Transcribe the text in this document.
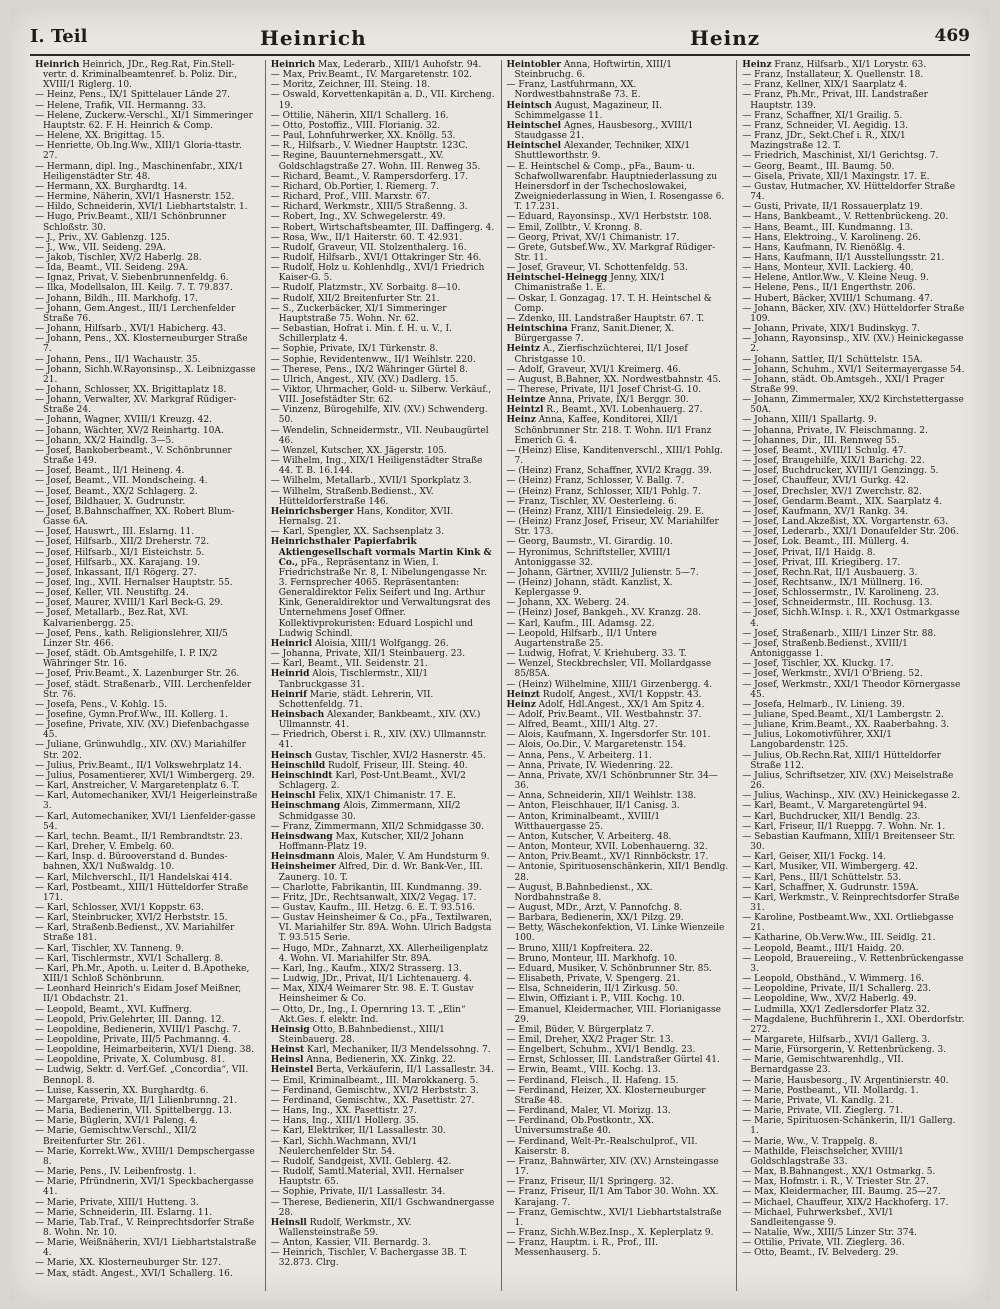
I. Teil	Heinrich	Heinz	469
Heinrich Heinrich, JDr., Reg.Rat, Fin.Stell-vertr. d. Kriminalbeamtenref. b. Poliz. Dir., XVIII/1 Riglerg. 10.
— Heinz, Pens., IX/1 Spittelauer Lände 27.
— Helene, Trafik, VII. Hermanng. 33.
— Helene, Zuckerw.-Verschl., XI/1 Simmeringer Hauptstr. 62. F. H. Heinrich & Comp.
— Helene, XX. Brigittag. 15.
— Henriette, Ob.Ing.Ww., XIII/1 Gloria-ttastr. 27.
— Hermann, dipl. Ing., Maschinenfabr., XIX/1 Heiligenstädter Str. 48.
— Hermann, XX. Burghardtg. 14.
— Hermine, Näherin, XVI/1 Hasnerstr. 152.
— Hildo, Schneiderin, XVI/1 Liebhartstalstr. 1.
— Hugo, Priv.Beamt., XII/1 Schönbrunner Schloßstr. 30.
— J., Priv., XV. Gablenzg. 125.
— J., Ww., VII. Seideng. 29A.
— Jakob, Tischler, XV/2 Haberlg. 28.
— Ida, Beamt., VII. Seideng. 29A.
— Ignaz, Privat, V. Siebenbrunnenfeldg. 6.
— Ilka, Modellsalon, III. Keilg. 7. T. 79.837.
— Johann, Bildh., III. Markhofg. 17.
— Johann, Gem.Angest., III/1 Lerchenfelder Straße 76.
— Johann, Hilfsarb., XVI/1 Habicherg. 43.
— Johann, Pens., XX. Klosterneuburger Straße 7.
— Johann, Pens., II/1 Wachaustr. 35.
— Johann, Sichh.W.Rayonsinsp., X. Leibnizgasse 21.
— Johann, Schlosser, XX. Brigittaplatz 18.
— Johann, Verwalter, XV. Markgraf Rüdiger-Straße 24.
— Johann, Wagner, XVIII/1 Kreuzg. 42.
— Johann, Wächter, XV/2 Reinhartg. 10A.
— Johann, XX/2 Haindlg. 3—5.
— Josef, Bankoberbeamt., V. Schönbrunner Straße 149.
— Josef, Beamt., II/1 Heineng. 4.
— Josef, Beamt., VII. Mondscheing. 4.
— Josef, Beamt., XX/2 Schlagerg. 2.
— Josef, Bildhauer, X. Gudrunstr.
— Josef, B.Bahnschaffner, XX. Robert Blum-Gasse 6A.
— Josef, Hauswrt., III. Eslarng. 11.
— Josef, Hilfsarb., XII/2 Dreherstr. 72.
— Josef, Hilfsarb., XI/1 Eisteichstr. 5.
— Josef, Hilfsarb., XX. Karajang. 19.
— Josef, Inkassant, II/1 Rögerg. 27.
— Josef, Ing., XVII. Hernalser Hauptstr. 55.
— Josef, Keller, VII. Neustiftg. 24.
— Josef, Maurer, XVIII/1 Karl Beck-G. 29.
— Josef, Metallarb., Bez.Rat, XVI. Kalvarienbergg. 25.
— Josef, Pens., kath. Religionslehrer, XII/5 Linzer Str. 466.
— Josef, städt. Ob.Amtsgehilfe, I. P. IX/2 Währinger Str. 16.
— Josef, Priv.Beamt., X. Lazenburger Str. 26.
— Josef, städt. Straßenarb., VIII. Lerchenfelder Str. 76.
— Josefa, Pens., V. Kohlg. 15.
— Josefine, Gymn.Prof.Ww., III. Kollerg. 1.
— Josefine, Private, XIV. (XV.) Diefenbachgasse 45.
— Juliane, Grünwuhdlg., XIV. (XV.) Mariahilfer Str. 202.
— Julius, Priv.Beamt., II/1 Volkswehrplatz 14.
— Julius, Posamentierer, XVI/1 Wimbergerg. 29.
— Karl, Anstreicher, V. Margaretenplatz 6. T.
— Karl, Automechaniker, XVI/1 Heigerleinstraße 3.
— Karl, Automechaniker, XVI/1 Lienfelder-gasse 54.
— Karl, techn. Beamt., II/1 Rembrandtstr. 23.
— Karl, Dreher, V. Embelg. 60.
— Karl, Insp. d. Bürooverstand d. Bundes-bahnen, XX/1 Nußwaldg. 10.
— Karl, Milchverschl., II/1 Handelskai 414.
— Karl, Postbeamt., XIII/1 Hütteldorfer Straße 171.
— Karl, Schlosser, XVI/1 Koppstr. 63.
— Karl, Steinbrucker, XVI/2 Herbststr. 15.
— Karl, Straßenb.Bedienst., XV. Mariahilfer Straße 181.
— Karl, Tischler, XV. Tanneng. 9.
— Karl, Tischlermstr., XVI/1 Schallerg. 8.
— Karl, Ph.Mr., Apoth. u. Leiter d. B.Apotheke, XIII/1 Schloß Schönbrunn.
— Leonhard Heinrich's Eidam Josef Meißner, II/1 Obdachstr. 21.
— Leopold, Beamt., XVI. Kuffnerg.
— Leopold, Priv.Gelehrter, III. Danng. 12.
— Leopoldine, Bedienerin, XVIII/1 Paschg. 7.
— Leopoldine, Private, III/5 Pachmanng. 4.
— Leopoldine, Heimarbeiterin, XVI/1 Dieng. 38.
— Leopoldine, Private, X. Columbusg. 81.
— Ludwig, Sektr. d. Verf.Gef. „Concordia“, VII. Bennopl. 8.
— Luise, Kasserin, XX. Burghardtg. 6.
— Margarete, Private, II/1 Lilienbrunng. 21.
— Maria, Bedienerin, VII. Spittelbergg. 13.
— Marie, Büglerin, XVI/1 Paleng. 4.
— Marie, Gemischtw.Verschl., XII/2 Breitenfurter Str. 261.
— Marie, Korrekt.Ww., XVIII/1 Dempschergasse 8.
— Marie, Pens., IV. Leibenfrostg. 1.
— Marie, Pfründnerin, XVI/1 Speckbachergasse 41.
— Marie, Private, XIII/1 Hutteng. 3.
— Marie, Schneiderin, III. Eslarng. 11.
— Marie, Tab.Traf., V. Reinprechtsdorfer Straße 8. Wohn. Nr. 10.
— Marie, Weißnäherin, XVI/1 Liebhartstalstraße 4.
— Marie, XX. Klosterneuburger Str. 127.
— Max, städt. Angest., XVI/1 Schallerg. 16.
Heinrich Max, Lederarb., XIII/1 Auhofstr. 94.
— Max, Priv.Beamt., IV. Margaretenstr. 102.
— Moritz, Zeichner, III. Steing. 18.
— Oswald, Korvettenkapitän a. D., VII. Kircheng. 19.
— Ottilie, Näherin, XII/1 Schallerg. 16.
— Otto, Postoffiz., VIII. Florianig. 32.
— Paul, Lohnfuhrwerker, XX. Knöllg. 53.
— R., Hilfsarb., V. Wiedner Hauptstr. 123C.
— Regine, Bauunternehmersgatt., XV. Goldschlagstraße 27. Wohn. III. Renweg 35.
— Richard, Beamt., V. Rampersdorferg. 17.
— Richard, Ob.Portier, I. Riemerg. 7.
— Richard, Prof., VIII. Marxstr. 67.
— Richard, Werkmstr., XIII/5 Straßenng. 3.
— Robert, Ing., XV. Schwegelerstr. 49.
— Robert, Wirtschaftsbeamter, III. Daffingerg. 4.
— Rosa, Ww., II/1 Haiterstr. 60. T. 42.931.
— Rudolf, Graveur, VII. Stolzenthalerg. 16.
— Rudolf, Hilfsarb., XVI/1 Ottakringer Str. 46.
— Rudolf, Holz u. Kohlenhdlg., XVI/1 Friedrich Kaiser-G. 5.
— Rudolf, Platzmstr., XV. Sorbaitg. 8—10.
— Rudolf, XII/2 Breitenfurter Str. 21.
— S., Zuckerbäcker, XI/1 Simmeringer Hauptstraße 75. Wohn. Nr. 62.
— Sebastian, Hofrat i. Min. f. H. u. V., I. Schillerplatz 4.
— Sophie, Private, IX/1 Türkenstr. 8.
— Sophie, Revidentenww., II/1 Weihlstr. 220.
— Therese, Pens., IX/2 Währinger Gürtel 8.
— Ulrich, Angest., XIV. (XV.) Dadlerg. 15.
— Viktor, Uhrmacher, Gold- u. Silberw. Verkäuf., VIII. Josefstädter Str. 62.
— Vinzenz, Bürogehilfe, XIV. (XV.) Schwenderg. 50.
— Wendelin, Schneidermstr., VII. Neubaugürtel 46.
— Wenzel, Kutscher, XX. Jägerstr. 105.
— Wilhelm, Ing., XIX/1 Heiligenstädter Straße 44. T. B. 16.144.
— Wilhelm, Metallarb., XVII/1 Sporkplatz 3.
— Wilhelm, Straßenb.Bedienst., XV. Hütteldorferstraße 146.
Heinrichsberger Hans, Konditor, XVII. Hernalsg. 21.
— Karl, Spengler, XX. Sachsenplatz 3.
Heinrichsthaler Papierfabrik Aktiengesellschaft vormals Martin Kink & Co., pFa., Repräsentanz in Wien, I. Friedrichstraße Nr. 8, I. Nibelungengasse Nr. 3. Fernsprecher 4065. Repräsentanten: Generaldirektor Felix Seifert und Ing. Arthur Kink, Generaldirektor und Verwaltungsrat des Unternehmens Josef Offner. Kollektivprokuristen: Eduard Lospichl und Ludwig Schindl.
Heinricl Aloisia, XIII/1 Wolfgangg. 26.
— Johanna, Private, XII/1 Steinbauerg. 23.
— Karl, Beamt., VII. Seidenstr. 21.
Heinrid Alois, Tischlermstr., XII/1 Tanbruckgasse 31.
Heinrif Marie, städt. Lehrerin, VII. Schottenfeldg. 71.
Heinsbach Alexander, Bankbeamt., XIV. (XV.) Ullmannstr. 41.
— Friedrich, Oberst i. R., XIV. (XV.) Ullmannstr. 41.
Heinsch Gustav, Tischler, XVI/2 Hasnerstr. 45.
Heinschild Rudolf, Friseur, III. Steing. 40.
Heinschindt Karl, Post-Unt.Beamt., XVI/2 Schlagerg. 2.
Heinschl Felix, XIX/1 Chimanistr. 17. E.
Heinschmang Alois, Zimmermann, XII/2 Schmidgasse 30.
— Franz, Zimmermann, XII/2 Schmidgasse 30.
Heinsdwang Max, Kutscher, XII/2 Johann Hoffmann-Platz 19.
Heinsdmann Alois, Maler, V. Am Hundsturm 9.
Heinsheimer Alfred, Dir. d. Wr. Bank-Ver., III. Zaunerg. 10. T.
— Charlotte, Fabrikantin, III. Kundmanng. 39.
— Fritz, JDr., Rechtsanwalt, XIX/2 Vegag. 17.
— Gustav, Kaufm., III. Hetzg. 6. E. T. 93.516.
— Gustav Heinsheimer & Co., pFa., Textilwaren, VI. Mariahilfer Str. 89A. Wohn. Ulrich Badgsta T. 93.515 Serie.
— Hugo, MDr., Zahnarzt, XX. Allerheiligenplatz 4. Wohn. VI. Mariahilfer Str. 89A.
— Karl, Ing., Kaufm., XIX/2 Strasserg. 13.
— Ludwig, JDr., Privat, II/1 Lichtenauerg. 4.
— Max, XIX/4 Weimarer Str. 98. E. T. Gustav Heinsheimer & Co.
— Otto, Dr., Ing., I. Opernring 13. T. „Elin“ Akt.Ges. f. elektr. Ind.
Heinsig Otto, B.Bahnbedienst., XIII/1 Steinbauerg. 28.
Heinst Karl, Mechaniker, II/3 Mendelssohng. 7.
Heinsl Anna, Bedienerin, XX. Zinkg. 22.
Heinstel Berta, Verkäuferin, II/1 Lassallestr. 34.
— Emil, Kriminalbeamt., III. Marokkanerg. 5.
— Ferdinand, Gemischtw., XVI/2 Herbststr. 3.
— Ferdinand, Gemischtw., XX. Pasettistr. 27.
— Hans, Ing., XX. Pasettistr. 27.
— Hans, Ing., XIII/1 Hollerg. 35.
— Karl, Elektriker, II/1 Lassallestr. 30.
— Karl, Sichh.Wachmann, XVI/1 Neulerchenfelder Str. 54.
— Rudolf, Sandgeist, XVII. Geblerg. 42.
— Rudolf, Samtl.Material, XVII. Hernalser Hauptstr. 65.
— Sophie, Private, II/1 Lassallestr. 34.
— Therese, Bedienerin, XII/1 Gschwandnergasse 28.
Heinsll Rudolf, Werkmstr., XV. Wallensteinstraße 59.
— Anton, Kassier, VII. Bernardg. 3.
— Heinrich, Tischler, V. Bachergasse 3B. T. 32.873. Clrg.
Heintobler Anna, Hoftwirtin, XIII/1 Steinbruchg. 6.
— Franz, Lastfuhrmann, XX. Nordwestbahnstraße 73. E.
Heintsch August, Magazineur, II. Schimmelgasse 11.
Heintschel Agnes, Hausbesorg., XVIII/1 Staudgasse 21.
Heintschel Alexander, Techniker, XIX/1 Shuttleworthstr. 9.
— E. Heintschel & Comp., pFa., Baum- u. Schafwollwarenfabr. Hauptniederlassung zu Heinersdorf in der Tschechoslowakei, Zweigniederlassung in Wien, I. Rosengasse 6. T. 17.231.
— Eduard, Rayonsinsp., XV/1 Herbststr. 108.
— Emil, Zollbtr., V. Kronng. 8.
— Georg, Privat, XV/1 Chimanistr. 17.
— Grete, Gutsbef.Ww., XV. Markgraf Rüdiger-Str. 11.
— Josef, Graveur, VI. Schottenfeldg. 53.
Heintschel-Heinegg Jenny, XIX/1 Chimanistraße 1. E.
— Oskar, I. Gonzagag. 17. T. H. Heintschel & Comp.
— Zdenko, III. Landstraßer Hauptstr. 67. T.
Heintschina Franz, Sanit.Diener, X. Bürgergasse 7.
Heintz A., Zierfischzüchterei, II/1 Josef Christgasse 10.
— Adolf, Graveur, XVI/1 Kreimerg. 46.
— August, B.Bahner, XX. Nordwestbahnstr. 45.
— Therese, Private, II/1 Josef Christ-G. 10.
Heintze Anna, Private, IX/1 Berggr. 30.
Heintzl R., Beamt., XVI. Lobenhauerg. 27.
Heinz Anna, Kaffee, Konditorei, XII/1 Schönbrunner Str. 218. T. Wohn. II/1 Franz Emerich G. 4.
— (Heinz) Elise, Kanditenverschl., XIII/1 Pohlg. 7.
— (Heinz) Franz, Schaffner, XVI/2 Kragg. 39.
— (Heinz) Franz, Schlosser, V. Ballg. 7.
— (Heinz) Franz, Schlosser, XII/1 Pohlg. 7.
— Franz, Tischler, XV. Oesterleing. 6.
— (Heinz) Franz, XIII/1 Einsiedeleig. 29. E.
— (Heinz) Franz Josef, Friseur, XV. Mariahilfer Str. 173.
— Georg, Baumstr., VI. Girardig. 10.
— Hyronimus, Schriftsteller, XVIII/1 Antoniggasse 32.
— Johann, Gärtner, XVIII/2 Julienstr. 5—7.
— (Heinz) Johann, städt. Kanzlist, X. Keplergasse 9.
— Johann, XX. Weberg. 24.
— (Heinz) Josef, Bankgeh., XV. Kranzg. 28.
— Karl, Kaufm., III. Adamsg. 22.
— Leopold, Hilfsarb., II/1 Untere Augartenstraße 25.
— Ludwig, Hofrat, V. Kriehuberg. 33. T.
— Wenzel, Steckbrechsler, VII. Mollardgasse 85/85A.
— (Heinz) Wilhelmine, XIII/1 Girzenbergg. 4.
Heinzt Rudolf, Angest., XVI/1 Koppstr. 43.
Heinz Adolf, Hdl.Angest., XX/1 Am Spitz 4.
— Adolf, Priv.Beamt., VII. Westbahnstr. 37.
— Alfred, Beamt., XIII/1 Altg. 27.
— Alois, Kaufmann, X. Ingersdorfer Str. 101.
— Alois, Oo.Dir., V. Margaretenstr. 154.
— Anna, Pens., V. Arbeiterg. 11.
— Anna, Private, IV. Wiedenring. 22.
— Anna, Private, XV/1 Schönbrunner Str. 34—36.
— Anna, Schneiderin, XII/1 Weihlstr. 138.
— Anton, Fleischhauer, II/1 Canisg. 3.
— Anton, Kriminalbeamt., XVIII/1 Witthauergasse 25.
— Anton, Kutscher, V. Arbeiterg. 48.
— Anton, Monteur, XVII. Lobenhauerng. 32.
— Anton, Priv.Beamt., XV/1 Rinnböckstr. 17.
— Antonie, Spirituosenschänkerin, XII/1 Bendlg. 28.
— August, B.Bahnbedienst., XX. Nordbahnstraße 8.
— August, MDr., Arzt, V. Pannofchg. 8.
— Barbara, Bedienerin, XX/1 Pilzg. 29.
— Betty, Wäschekonfektion, VI. Linke Wienzeile 100.
— Bruno, XIII/1 Kopfreitera. 22.
— Bruno, Monteur, III. Markhofg. 10.
— Eduard, Musiker, V. Schönbrunner Str. 85.
— Elisabeth, Private, V. Spengerg. 21.
— Elsa, Schneiderin, II/1 Zirkusg. 50.
— Elwin, Offiziant i. P., VIII. Kochg. 10.
— Emanuel, Kleidermacher, VIII. Florianigasse 29.
— Emil, Büder, V. Bürgerplatz 7.
— Emil, Dreher, XX/2 Prager Str. 13.
— Engelbert, Schuhm., XVI/1 Bendlg. 23.
— Ernst, Schlosser, III. Landstraßer Gürtel 41.
— Erwin, Beamt., VIII. Kochg. 13.
— Ferdinand, Fleisch., II. Hafeng. 15.
— Ferdinand, Heizer, XX. Klosterneuburger Straße 48.
— Ferdinand, Maler, VI. Morizg. 13.
— Ferdinand, Ob.Postkontr., XX. Universumstraße 40.
— Ferdinand, Welt-Pr.-Realschulprof., VII. Kaiserstr. 8.
— Franz, Bahnwärter, XIV. (XV.) Arnsteingasse 17.
— Franz, Friseur, II/1 Springerg. 32.
— Franz, Friseur, II/1 Am Tabor 30. Wohn. XX. Karajang. 7.
— Franz, Gemischtw., XVI/1 Liebhartstalstraße 1.
— Franz, Sichh.W.Bez.Insp., X. Keplerplatz 9.
— Franz, Hauptm. i. R., Prof., III. Messenhauserg. 5.
Heinz Franz, Hilfsarb., XI/1 Lorystr. 63.
— Franz, Installateur, X. Quellenstr. 18.
— Franz, Kellner, XIX/1 Saarplatz 4.
— Franz, Ph.Mr., Privat, III. Landstraßer Hauptstr. 139.
— Franz, Schaffner, XI/1 Grailig. 5.
— Franz, Schneider, VI. Aegidig. 13.
— Franz, JDr., Sekt.Chef i. R., XIX/1 Mazingstraße 12. T.
— Friedrich, Maschinist, XI/1 Gerichtsg. 7.
— Georg, Beamt., III. Baumg. 50.
— Gisela, Private, XII/1 Maxingstr. 17. E.
— Gustav, Hutmacher, XV. Hütteldorfer Straße 74.
— Gusti, Private, II/1 Rossauerplatz 19.
— Hans, Bankbeamt., V. Rettenbrückeng. 20.
— Hans, Beamt., III. Kundmanng. 13.
— Hans, Elektroing., V. Karolineng. 26.
— Hans, Kaufmann, IV. Rienößlg. 4.
— Hans, Kaufmann, II/1 Ausstellungsstr. 21.
— Hans, Monteur, XVII. Lackierg. 40.
— Helene, Antlor.Ww., V. Kleine Neug. 9.
— Helene, Pens., II/1 Engerthstr. 206.
— Hubert, Bäcker, XVIII/1 Schumang. 47.
— Johann, Bäcker, XIV. (XV.) Hütteldorfer Straße 109.
— Johann, Private, XIX/1 Budinskyg. 7.
— Johann, Rayonsinsp., XIV. (XV.) Heinickegasse 2.
— Johann, Sattler, II/1 Schüttelstr. 15A.
— Johann, Schuhm., XVI/1 Seitermayergasse 54.
— Johann, städt. Ob.Amtsgeh., XXI/1 Prager Straße 99.
— Johann, Zimmermaler, XX/2 Kirchstettergasse 50A.
— Johann, XIII/1 Spallartg. 9.
— Johanna, Private, IV. Fleischmanng. 2.
— Johannes, Dir., III. Rennweg 55.
— Josef, Beamt., XVIII/1 Schulg. 47.
— Josef, Braugehilfe, XIX/1 Barichg. 22.
— Josef, Buchdrucker, XVIII/1 Genzingg. 5.
— Josef, Chauffeur, XVI/1 Gurkg. 42.
— Josef, Drechsler, XV/1 Zwerchstr. 82.
— Josef, Gendarm.Beamt., XIX. Saarplatz 4.
— Josef, Kaufmann, XV/1 Rankg. 34.
— Josef, Land.Akzeßist, XX. Vorgartenstr. 63.
— Josef, Lederarb., XXI/1 Donaufelder Str. 206.
— Josef, Lok. Beamt., III. Müllerg. 4.
— Josef, Privat, II/1 Haidg. 8.
— Josef, Privat, III. Kriegiberg. 17.
— Josef, Rechn.Rat, II/1 Ausbauerg. 3.
— Josef, Rechtsanw., IX/1 Müllnerg. 16.
— Josef, Schlossermstr., IV. Karolineng. 23.
— Josef, Schneidermstr., III. Rochusg. 13.
— Josef, Sichh.W.Insp. i. R., XX/1 Ostmarkgasse 4.
— Josef, Straßenarb., XIII/1 Linzer Str. 88.
— Josef, Straßenb.Bedienst., XVIII/1 Antoniggasse 1.
— Josef, Tischler, XX. Kluckg. 17.
— Josef, Werkmstr., XVI/1 O'Brieng. 52.
— Josef, Werkmstr., XXI/1 Theodor Körnergasse 45.
— Josefa, Helmarb., IV. Linieng. 39.
— Juliane, Sped.Beamt., XI/1 Lambergstr. 2.
— Juliane, Krim.Beamt., XX. Raaberbahng. 3.
— Julius, Lokomotivführer, XXI/1 Langobardenstr. 125.
— Julius, Ob.Rechn.Rat, XIII/1 Hütteldorfer Straße 112.
— Julius, Schriftsetzer, XIV. (XV.) Meiselstraße 26.
— Julius, Wachinsp., XIV. (XV.) Heinickegasse 2.
— Karl, Beamt., V. Margaretengürtel 94.
— Karl, Buchdrucker, XII/1 Bendlg. 23.
— Karl, Friseur, II/1 Rueppg. 7. Wohn. Nr. 1.
— Sebastian Kaufmann, XIII/1 Breitenseer Str. 30.
— Karl, Geiser, XII/1 Fockg. 14.
— Karl, Musiker, VII. Wimbergerg. 42.
— Karl, Pens., III/1 Schüttelstr. 53.
— Karl, Schaffner, X. Gudrunstr. 159A.
— Karl, Werkmstr., V. Reinprechtsdorfer Straße 31.
— Karoline, Postbeamt.Ww., XXI. Ortliebgasse 21.
— Katharine, Ob.Verw.Ww., III. Seidlg. 21.
— Leopold, Beamt., III/1 Haidg. 20.
— Leopold, Brauereiing., V. Rettenbrückengasse 3.
— Leopold, Obsthänd., V. Wimmerg. 16.
— Leopoldine, Private, II/1 Schallerg. 23.
— Leopoldine, Ww., XV/2 Haberlg. 49.
— Ludmilla, XX/1 Zedlersdorfer Platz 32.
— Magdalene, Buchführerin I., XXI. Oberdorfstr. 272.
— Margarete, Hilfsarb., XVI/1 Gallerg. 3.
— Marie, Fürsorgerin, V. Rettenbrückeng. 3.
— Marie, Gemischtwarenhdlg., VII. Bernardgasse 23.
— Marie, Hausbesorg., IV. Argentinierstr. 40.
— Marie, Postbeamt., VII. Mollardg. 1.
— Marie, Private, VI. Kandlg. 21.
— Marie, Private, VII. Zieglerg. 71.
— Marie, Spirituosen-Schänkerin, II/1 Gallerg. 1.
— Marie, Ww., V. Trappelg. 8.
— Mathilde, Fleischselcher, XVIII/1 Goldschlagstraße 33.
— Max, B.Bahnangest., XX/1 Ostmarkg. 5.
— Max, Hofmstr. i. R., V. Triester Str. 27.
— Max, Kleidermacher, III. Baumg. 25—27.
— Michael, Chauffeur, XIX/2 Hackhoferg. 17.
— Michael, Fuhrwerksbef., XVI/1 Sandleitengasse 9.
— Natalie, Ww., XIII/5 Linzer Str. 374.
— Ottilie, Private, VII. Zieglerg. 36.
— Otto, Beamt., IV. Belvederg. 29.
